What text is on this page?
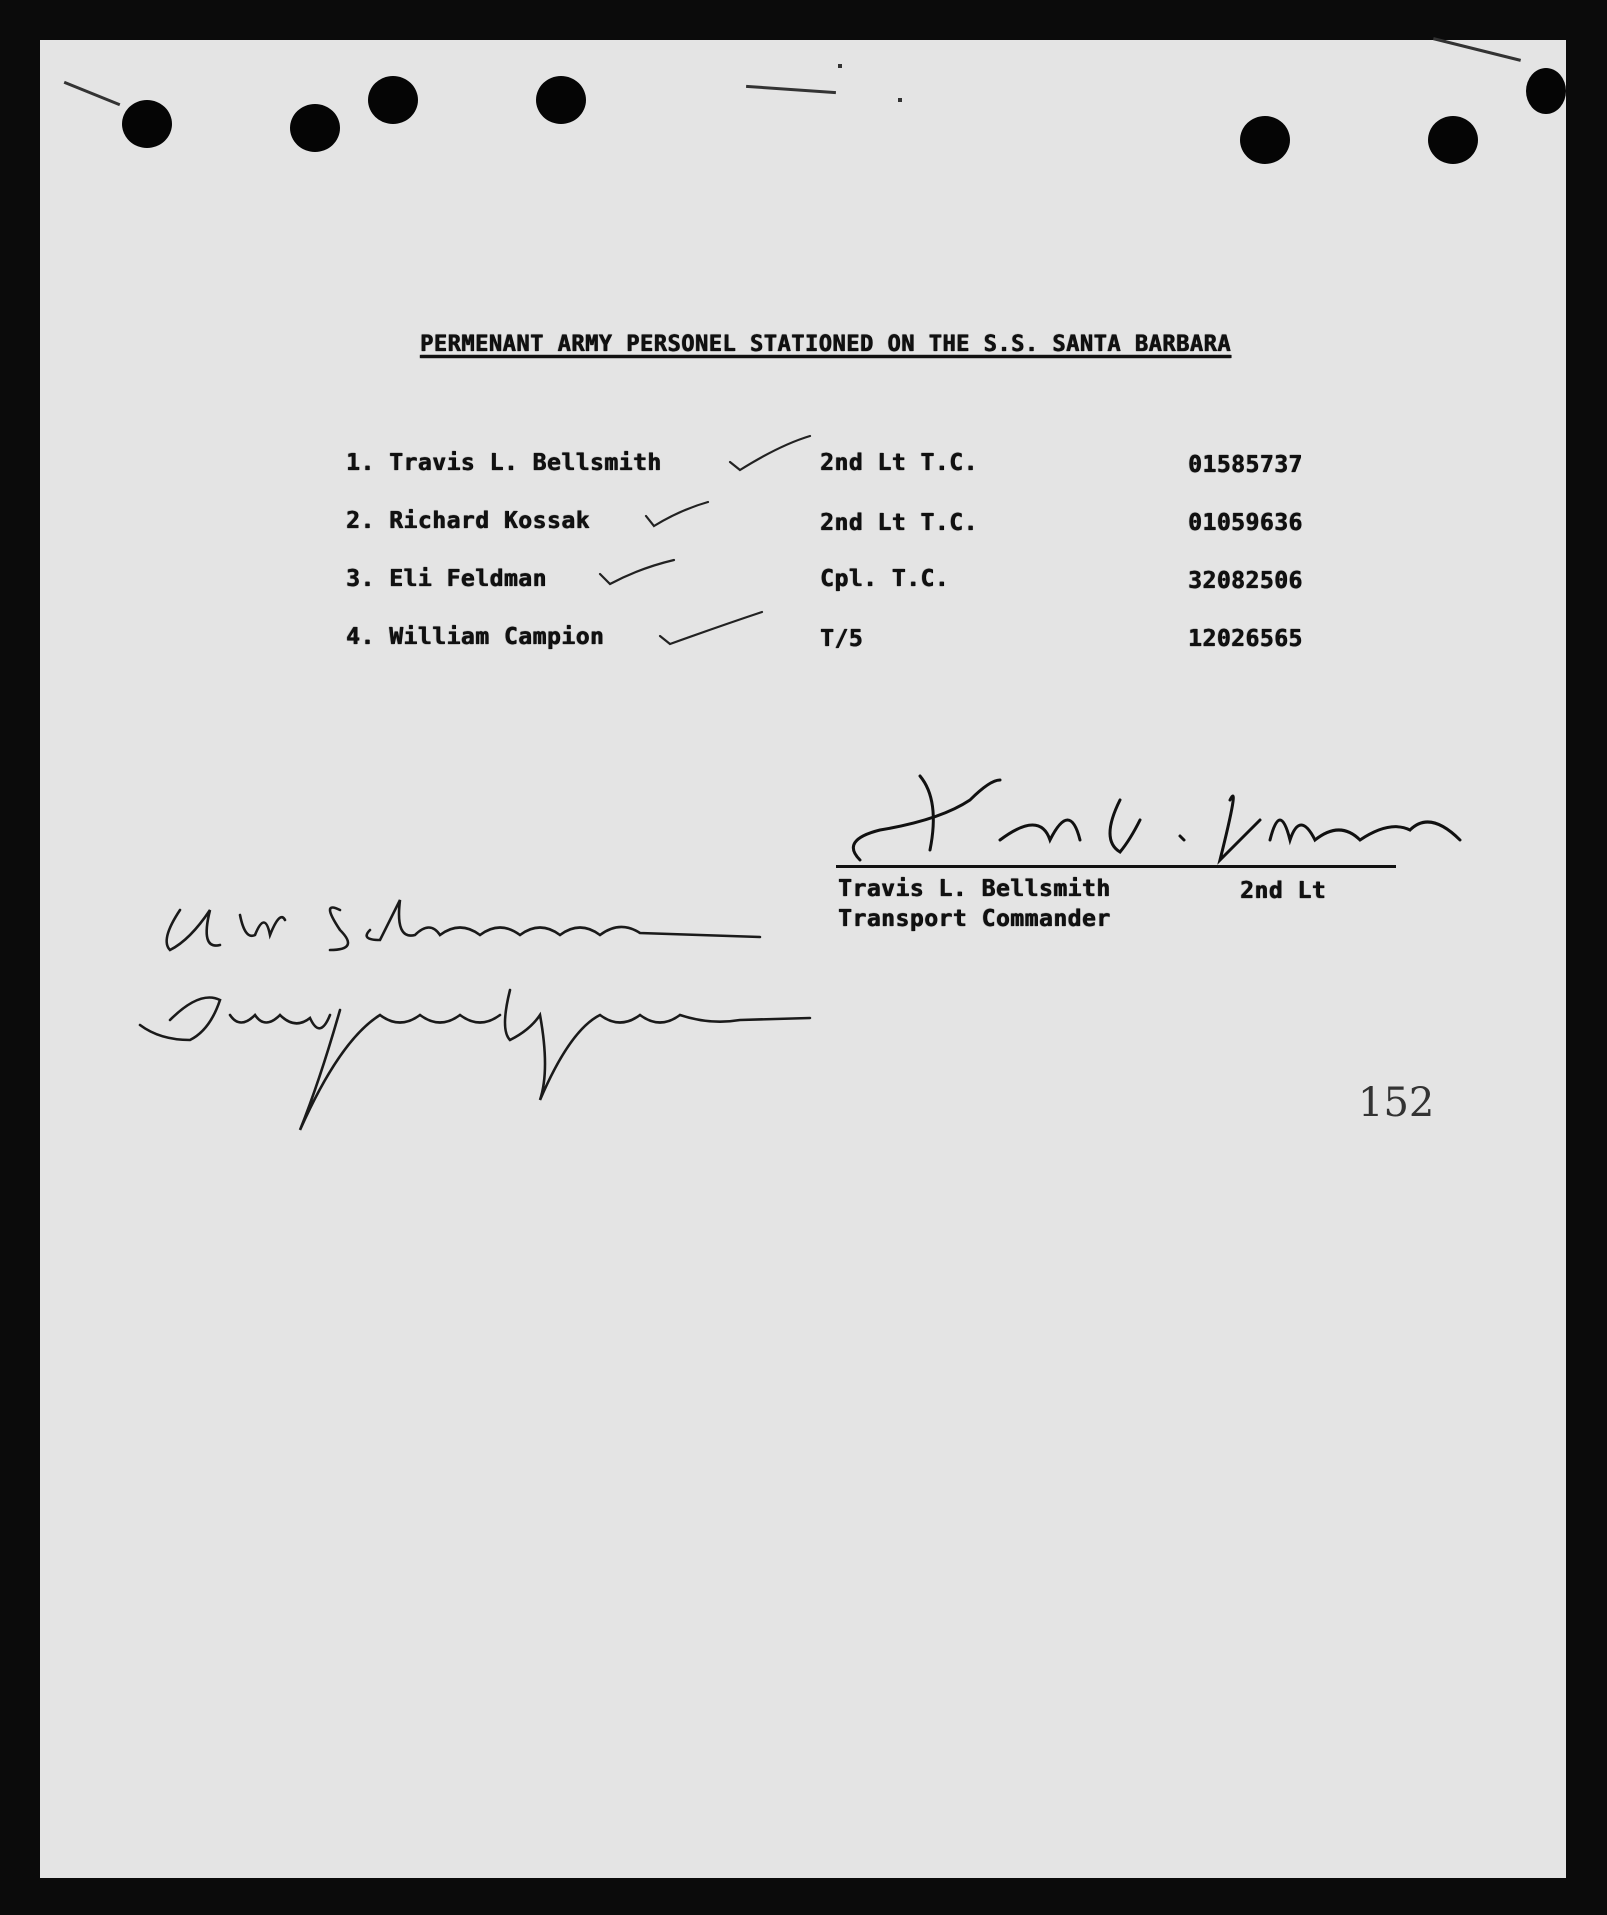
PERMENANT ARMY PERSONEL STATIONED ON THE S.S. SANTA BARBARA
1. Travis L. Bellsmith	2nd Lt T.C.	01585737
2. Richard Kossak	2nd Lt T.C.	01059636
3. Eli Feldman	Cpl. T.C.	32082506
4. William Campion	T/5	12026565
Travis L. Bellsmith	2nd Lt
Transport Commander
152
